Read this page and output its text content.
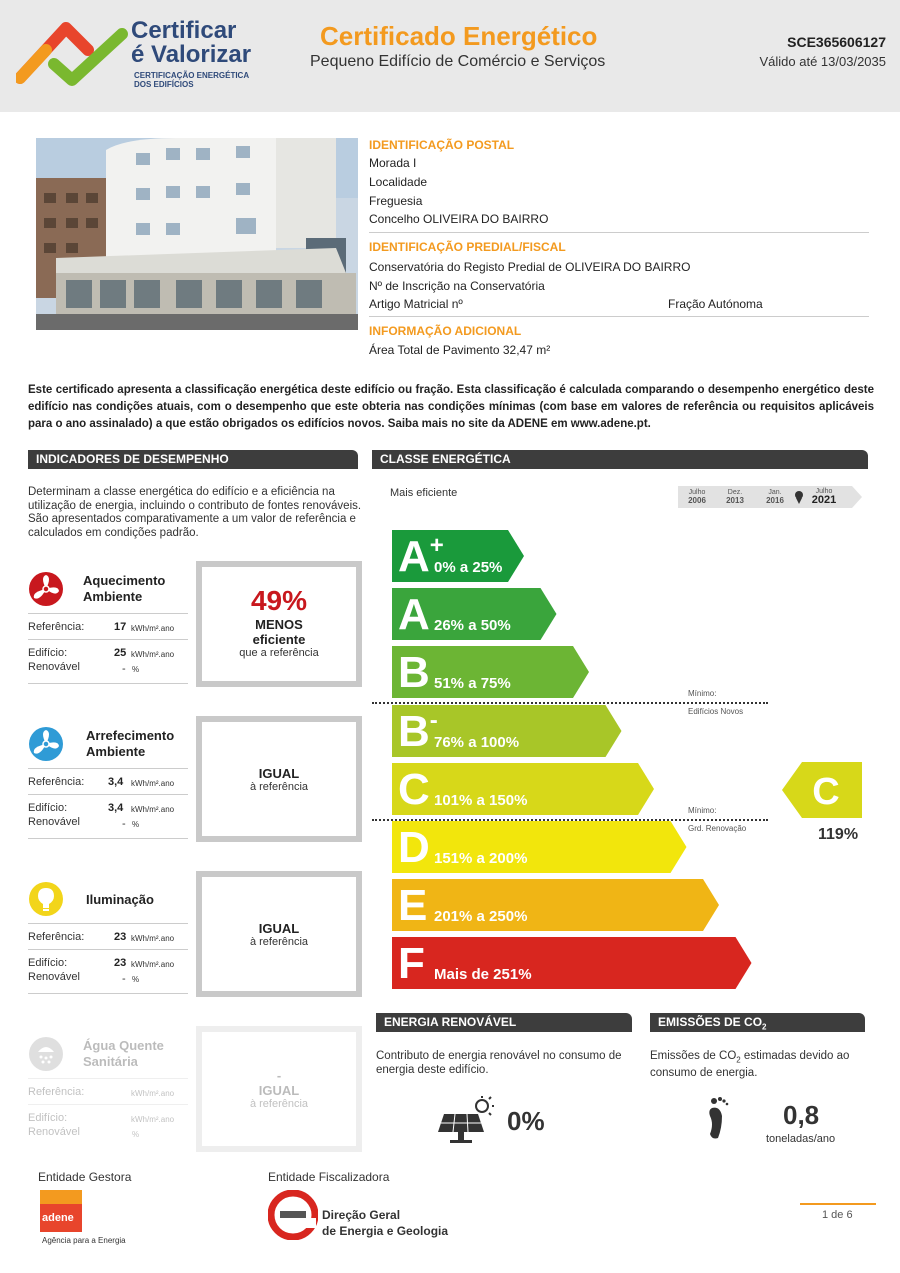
Certificar
é Valorizar
CERTIFICAÇÃO ENERGÉTICA
DOS EDIFÍCIOS
Certificado Energético
Pequeno Edifício de Comércio e Serviços
SCE365606127
Válido até 13/03/2035
IDENTIFICAÇÃO POSTAL
Morada I
Localidade
Freguesia
Concelho OLIVEIRA DO BAIRRO
IDENTIFICAÇÃO PREDIAL/FISCAL
Conservatória do Registo Predial de OLIVEIRA DO BAIRRO
Nº de Inscrição na Conservatória
Artigo Matricial nº	Fração Autónoma
INFORMAÇÃO ADICIONAL
Área Total de Pavimento 32,47 m²
Este certificado apresenta a classificação energética deste edifício ou fração. Esta classificação é calculada comparando o desempenho energético deste edifício nas condições atuais, com o desempenho que este obteria nas condições mínimas (com base em valores de referência ou requisitos aplicáveis para o ano assinalado) a que estão obrigados os edifícios novos. Saiba mais no site da ADENE em www.adene.pt.
INDICADORES DE DESEMPENHO
Determinam a classe energética do edifício e a eficiência na utilização de energia, incluindo o contributo de fontes renováveis. São apresentados comparativamente a um valor de referência e calculados em condições padrão.
Aquecimento
Ambiente
Referência:	17 kWh/m².ano
Edifício:	25 kWh/m².ano
Renovável	- %
49%
MENOS
eficiente
que a referência
Arrefecimento
Ambiente
Referência: 3,4 kWh/m².ano
Edifício:	3,4 kWh/m².ano
Renovável	- %
IGUAL
à referência
Iluminação
Referência:	23 kWh/m².ano
Edifício:	23 kWh/m².ano
Renovável	- %
IGUAL
à referência
Água Quente
Sanitária
Referência:	kWh/m².ano
Edifício:	kWh/m².ano
Renovável	%
-
IGUAL
à referência
CLASSE ENERGÉTICA
Mais eficiente	Julho
2006
Dez.
2013
Jan.
2016
Julho
2021
A+
0% a 25%
A 26% a 50%
B 51% a 75%
B-
76% a 100%
C 101% a 150%
D 151% a 200%
E 201% a 250%
F Mais de 251%
Mínimo:
Edifícios Novos
Mínimo:
Grd. Renovação
C
119%
ENERGIA RENOVÁVEL
Contributo de energia renovável no consumo de energia deste edifício.
0%
EMISSÕES DE $CO_2$
Emissões de $CO_2$ estimadas devido ao consumo de energia.
0,8
toneladas/ano
Entidade Gestora
adene
Agência para a Energia
Entidade Fiscalizadora
Direção Geral
de Energia e Geologia
1 de 6
